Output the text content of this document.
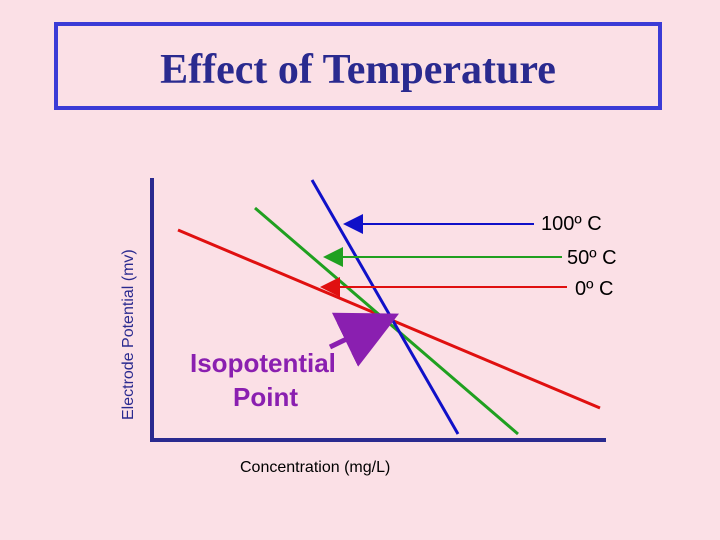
Effect of Temperature
Electrode Potential (mv)
Concentration (mg/L)
100º C
50º C
0º C
Isopotential
Point
